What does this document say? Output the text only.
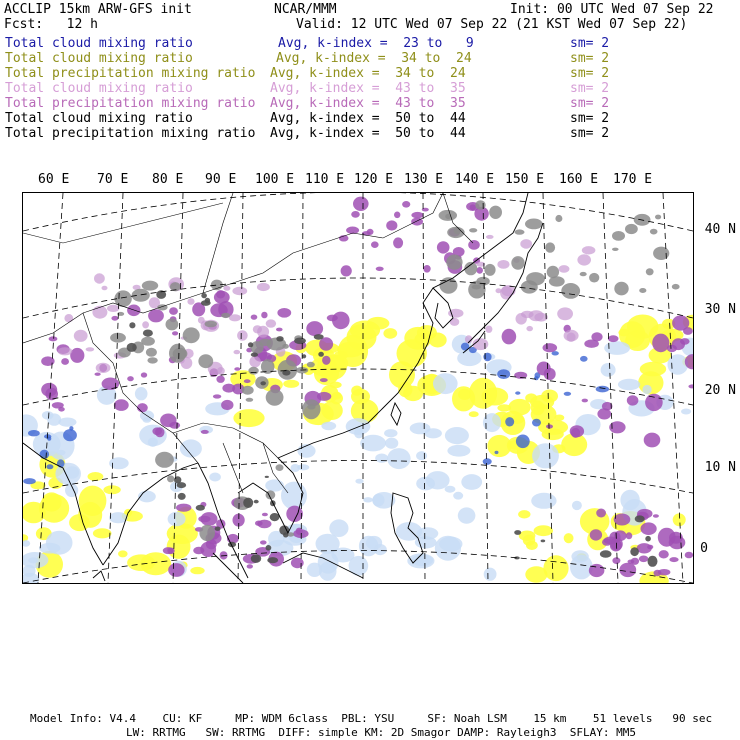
ACCLIP 15km ARW-GFS init	NCAR/MMM	Init: 00 UTC Wed 07 Sep 22
Fcst:   12 h	Valid: 12 UTC Wed 07 Sep 22 (21 KST Wed 07 Sep 22)
Total cloud mixing ratio	Avg, k-index =  23 to   9	sm= 2
Total cloud mixing ratio	Avg, k-index =  34 to  24	sm= 2
Total precipitation mixing ratio Avg, k-index =  34 to  24	sm= 2
Total cloud mixing ratio	Avg, k-index =  43 to  35	sm= 2
Total precipitation mixing ratio Avg, k-index =  43 to  35	sm= 2
Total cloud mixing ratio	Avg, k-index =  50 to  44	sm= 2
Total precipitation mixing ratio Avg, k-index =  50 to  44	sm= 2
60 E 70 E 80 E 90 E 100 E 110 E 120 E 130 E 140 E 150 E 160 E 170 E
40 N
30 N
20 N
10 N
0
Model Info: V4.4    CU: KF     MP: WDM 6class  PBL: YSU     SF: Noah LSM    15 km    51 levels   90 sec
LW: RRTMG   SW: RRTMG  DIFF: simple KM: 2D Smagor DAMP: Rayleigh3  SFLAY: MM5
